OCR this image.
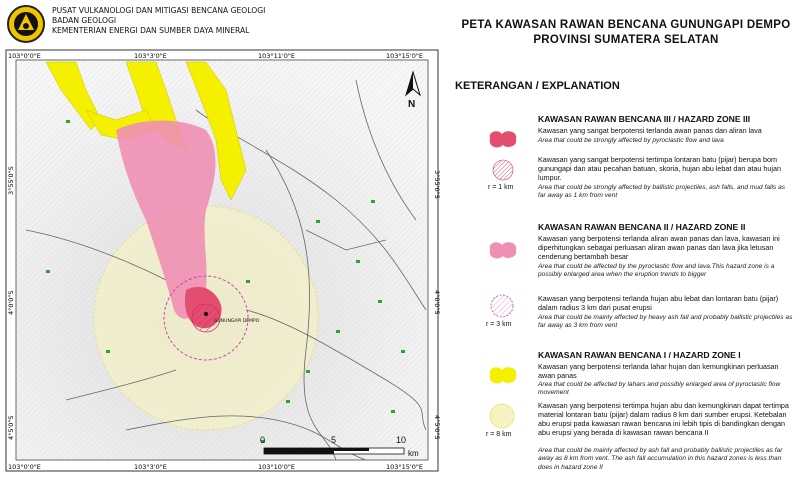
PUSAT VULKANOLOGI DAN MITIGASI BENCANA GEOLOGI
BADAN GEOLOGI
KEMENTERIAN ENERGI DAN SUMBER DAYA MINERAL
GUNUNGAPI DEMPO
N
0	5	10
km
103°0'0"E	103°3'0"E	103°11'0"E	103°15'0"E
103°0'0"E	103°3'0"E	103°10'0"E	103°15'0"E
3°55'0"S
4°0'0"S
4°5'0"S
3°55'0"S
4°0'0"S
4°5'0"S
PETA KAWASAN RAWAN BENCANA GUNUNGAPI DEMPO
PROVINSI SUMATERA SELATAN
KETERANGAN / EXPLANATION
KAWASAN RAWAN BENCANA III / HAZARD ZONE III
Kawasan yang sangat berpotensi terlanda awan panas dan aliran lava
Area that could be strongly affected by pyroclastic flow and lava
r = 1 km
Kawasan yang sangat berpotensi tertimpa lontaran batu (pijar) berupa bom gunungapi dan atau pecahan batuan, skoria, hujan abu lebat dan atau hujan lumpur.
Area that could be strongly affected by ballistic projectiles, ash falls, and mud falls as far away as 1 km from vent
KAWASAN RAWAN BENCANA II / HAZARD ZONE II
Kawasan yang berpotensi terlanda aliran awan panas dan lava, kawasan ini diperhitungkan sebagai perluasan aliran awan panas dan lava jika letusan cenderung bertambah besar
Area that could be affected by the pyroclastic flow and lava.This hazard zone is a possibly enlarged area when the eruption trends to bigger
r = 3 km
Kawasan yang berpotensi terlanda hujan abu lebat dan lontaran batu (pijar) dalam radius 3 km dari pusat erupsi
Area that could be mainly affected by heavy ash fall and probably ballistic projectiles as far away as 3 km from vent
KAWASAN RAWAN BENCANA I / HAZARD ZONE I
Kawasan yang berpotensi terlanda lahar hujan dan kemungkinan perluasan awan panas
Area that could be affected by lahars and possibly enlarged area of pyroclastic flow movement
r = 8 km
Kawasan yang berpotensi tertimpa hujan abu dan kemungkinan dapat tertimpa material lontaran batu (pijar) dalam radius 8 km dari sumber erupsi. Ketebalan abu erupsi pada kawasan rawan bencana ini lebih tipis di bandingkan dengan abu erupsi yang berada di kawasan rawan bencana II
Area that could be mainly affected by ash fall and probably ballistic projectiles as far away as 8 km from vent. The ash fall accumulation in this hazard zones is less than does in hazard zone II
